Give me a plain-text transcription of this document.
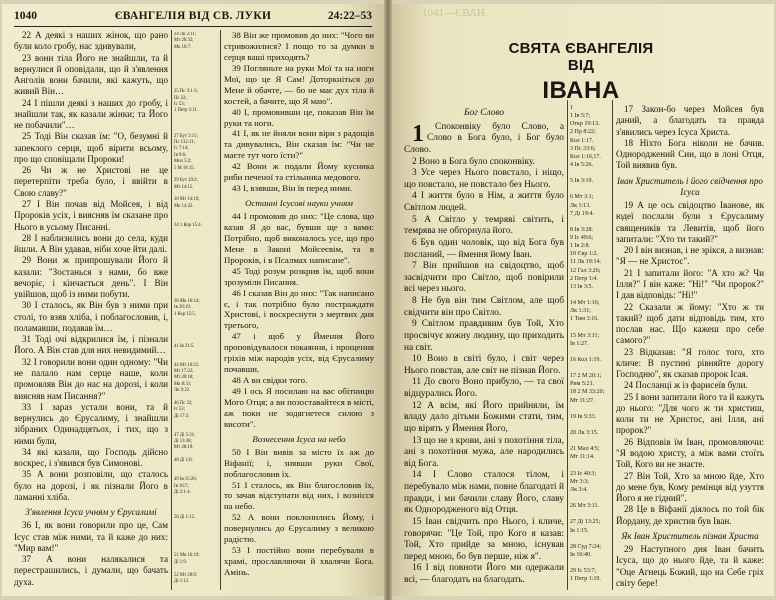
1040	ЄВАНГЕЛІЯ ВІД СВ. ЛУКИ	24:22–53

22 А деякі з наших жінок, що рано були коло гробу, нас здивували,

23 вони тіла Його не знайшли, та й вернулися й оповідали, що й з'явлення Анголів вони бачили, які кажуть, що живий Він…

24 І пішли деякі з наших до гробу, і знайшли так, як казали жінки; та Його не побачили"…

25 Тоді Він сказав їм: "О, безумні й запеклого серця, щоб вірити всьому, про що сповіщали Пророки!

26 Чи ж не Христові не це перетерпіти треба було, і ввійти в Свою славу?"

27 І Він почав від Мойсея, і від Пророків усіх, і виясняв їм сказане про Нього в усьому Писанні.

28 І наблизились вони до села, куди йшли. А Він удавав, ніби хоче йти далі.

29 Вони ж припрошували Його й казали: "Зостанься з нами, бо вже вечоріє, і кінчається день". І Він увійшов, щоб із ними побути.

30 І сталось, як Він був з ними при столі, то взяв хліба, і поблагословив, і, поламавши, подавав їм…

31 Тоді очі відкрилися їм, і пізнали Його. А Він став для них невидимий…

32 І говорили вони один одному: "Чи не палало нам серце наше, коли промовляв Він до нас на дорозі, і коли виясняв нам Писання?"

33 І зараз устали вони, та й вернулись до Єрусалиму, і знайшли зібраних Одинадцятьох, і тих, що з ними були,

34 які казали, що Господь дійсно воскрес, і з'явився був Симонові.

35 А вони розповіли, що сталось було на дорозі, і як пізнали Його в ламанні хліба.

З'явлення Ісуса учням у Єрусалимі

36 І, як вони говорили про це, Сам Ісус став між ними, та й каже до них: "Мир вам!"

37 А вони налякалися та перестрашились, і думали, що бачать духа.

24 Лк 2:11;
Мт 26:32;
Мк 16:7.

25 Пс 3:1-3;
Пс 22;
Іс 53;
1 Петр 1:11.

27 Бут 3:15;
Пс 132:11;
Іс 7:14;
Ів 9:6;
Мих 5:2;
5 М 18:15.

29 Бут 19:2;
Мт 14:15.

30 Мт 14:19;
Мк 14:22.

34 1 Кор 15:4.

36 Мк 16:14;
Ів 20:19;
1 Кор 15:5.

41 Ів 21:5.

44 Мт 16:21;
Мт 17:22;
Мт 20:18;
Мк 8:31;
Лк 9:22.

46 Пс 22;
Іс 53;
Ді 17:3.

47 Ді 5:31;
Ді 13:38;
Мт 28:19.

48 Ді 1:8.

49 Ів 15:26;
Ів 16:7;
Ді 2:1-4.

50 Ді 1:12.

51 Мк 16:19;
Ді 1:9.

52 Мт 28:9;
Ді 1:12.

38 Він же промовив до них: "Чого ви стривожилися? І пощо то за думки в серця ваші приходять?

39 Погляньте на руки Мої та на ноги Мої, що це Я Сам! Доторкніться до Мене й обачте, — бо не має дух тіла й костей, а бачите, що Я маю".

40 І, промовивши це, показав Він їм руки та ноги.

41 І, як не йняли вони віри з радощів та дивувались, Він сказав їм: "Чи не маєте тут чого їсти?"

42 Вони ж подали Йому кусника риби печеної та стільника медового.

43 І, взявши, Він їв перед ними.

Останні Ісусові науки учням

44 І промовив до них: "Це слова, що казав Я до вас, бувши ще з вами: Потрібно, щоб виконалось усе, що про Мене в Законі Мойсеєвім, та в Пророків, і в Псалмах написане".

45 Тоді розум розкрив їм, щоб вони зрозуміли Писання.

46 І сказав Він до них: "Так написано є, і так потрібно було постраждати Христові, і воскреснути з мертвих дня третього,

47 і щоб у Ймення Його проповідувалося покаяння, і прощення гріхів між народів усіх, від Єрусалиму почавши.

48 А ви свідки того.

49 І ось Я посилаю на вас обітницю Мого Отця; а ви позоставайтеся в місті, аж поки не зодягнетеся силою з висоти".

Вознесення Ісуса на небо

50 І Він вивів за місто їх аж до Віфанії; і, знявши руки Свої, поблагословив їх.

51 І сталось, як Він благословив їх, то зачав відступати від них, і вознісся на небо.

52 А вони поклонились Йому, і повернулись до Єрусалиму з великою радістю.

53 І постійно вони перебували в храмі, прославляючи й хвалячи Бога. Амінь.

1041—ЄВАН
СВЯТА ЄВАНГЕЛІЯ ВІД
ІВАНА

Бог Слово

1 Споконвіку було Слово, а Слово в Бога було, і Бог було Слово.

2 Воно в Бога було споконвіку.

3 Усе через Нього повстало, і ніщо, що повстало, не повстало без Нього.

4 І життя було в Нім, а життя було Світлом людей.

5 А Світло у темряві світить, і темрява не обгорнула його.

6 Був один чоловік, що від Бога був посланий, — ймення йому Іван.

7 Він прийшов на свідоцтво, щоб засвідчити про Світло, щоб повірили всі через нього.

8 Не був він тим Світлом, але щоб свідчити він про Світло.

9 Світлом правдивим був Той, Хто просвічує кожну людину, що приходить на світ.

10 Воно в світі було, і світ через Нього повстав, але світ не пізнав Його.

11 До свого Воно прибуло, — та свої відцурались Його.

12 А всім, які Його прийняли, їм владу дало дітьми Божими стати, тим, що вірять у Ймення Його,

13 що не з крови, ані з похотіння тіла, ані з похотіння мужа, але народились від Бога.

14 І Слово сталося тілом, і перебувало між нами, повне благодаті й правди, і ми бачили славу Його, славу як Однородженого від Отця.

15 Іван свідчить про Нього, і кличе, говорячи: "Це Той, про Кого я казав: Той, Хто прийде за мною, існував перед мною, бо був перше, ніж я".

16 І від повноти Його ми одержали всі, — благодать на благодать.

1
1 Ів 5:7;
Откр 19:13.
2 Пр 8:22;
Кол 1:17.
3 Пс 33:6;
Кол 1:16,17.
4 Ів 5:26.

5 Ів 3:19.

6 Мт 3:1;
Лк 1:13.
7 Ді 19:4.

8 Ів 3:28.
9 Іс 49:6;
1 Ів 2:8.
10 Євр 1:2.
11 Лк 19:14.
12 Гал 3:26;
2 Петр 1:4.
13 Ів 3:5.

14 Мт 1:16;
Лк 1:31;
1 Тим 3:16.

15 Мт 3:11;
Ів 1:27.

16 Кол 1:19.

17 2 М 20:1;
Рим 5:21.
18 2 М 33:20;
Мт 11:27.

19 Ів 5:33.

20 Лк 3:15.

21 Мал 4:5;
Мт 11:14.

23 Іс 40:3;
Мт 3:3;
Лк 3:4.

26 Мт 3:11.

27 Ді 13:25;
Ів 1:15.

28 Суд 7:24;
Ів 10:40.

29 Іс 53:7;
1 Петр 1:19.

17 Закон-бо через Мойсея був даний, а благодать та правда з'явились через Ісуса Христа.

18 Ніхто Бога ніколи не бачив. Однороджений Син, що в лоні Отця, Той виявив був.

Іван Христитель і його свідчення про Ісуса

19 А це ось свідоцтво Іванове, як юдеї послали були з Єрусалиму священиків та Левитів, щоб його запитали: "Хто ти такий?"

20 І він визнав, і не зрікся, а визнав: "Я — не Христос".

21 І запитали його: "А хто ж? Чи Ілля?" І він каже: "Ні!" "Чи пророк?" І дав відповідь: "Ні!"

22 Сказали ж йому: "Хто ж ти такий? щоб дати відповідь тим, хто послав нас. Що кажеш про себе самого?"

23 Відказав: "Я голос того, хто кличе: В пустині рівняйте дорогу Господню", як сказав пророк Ісая.

24 Посланці ж із фарисеїв були.

25 І вони запитали його та й кажуть до нього: "Для чого ж ти христиш, коли ти не Христос, ані Ілля, ані пророк?"

26 Відповів їм Іван, промовляючи: "Я водою христу, а між вами стоїть Той, Кого ви не знаєте.

27 Він Той, Хто за мною йде, Хто до мене був, Кому ремінця від узуття Його я не гідний".

28 Це в Віфанії діялось по той бік Йордану, де христив був Іван.

Як Іван Христитель пізнав Христа

29 Наступного дня Іван бачить Ісуса, що до нього йде, та й каже: "Оце Агнець Божий, що на Себе гріх світу бере!
